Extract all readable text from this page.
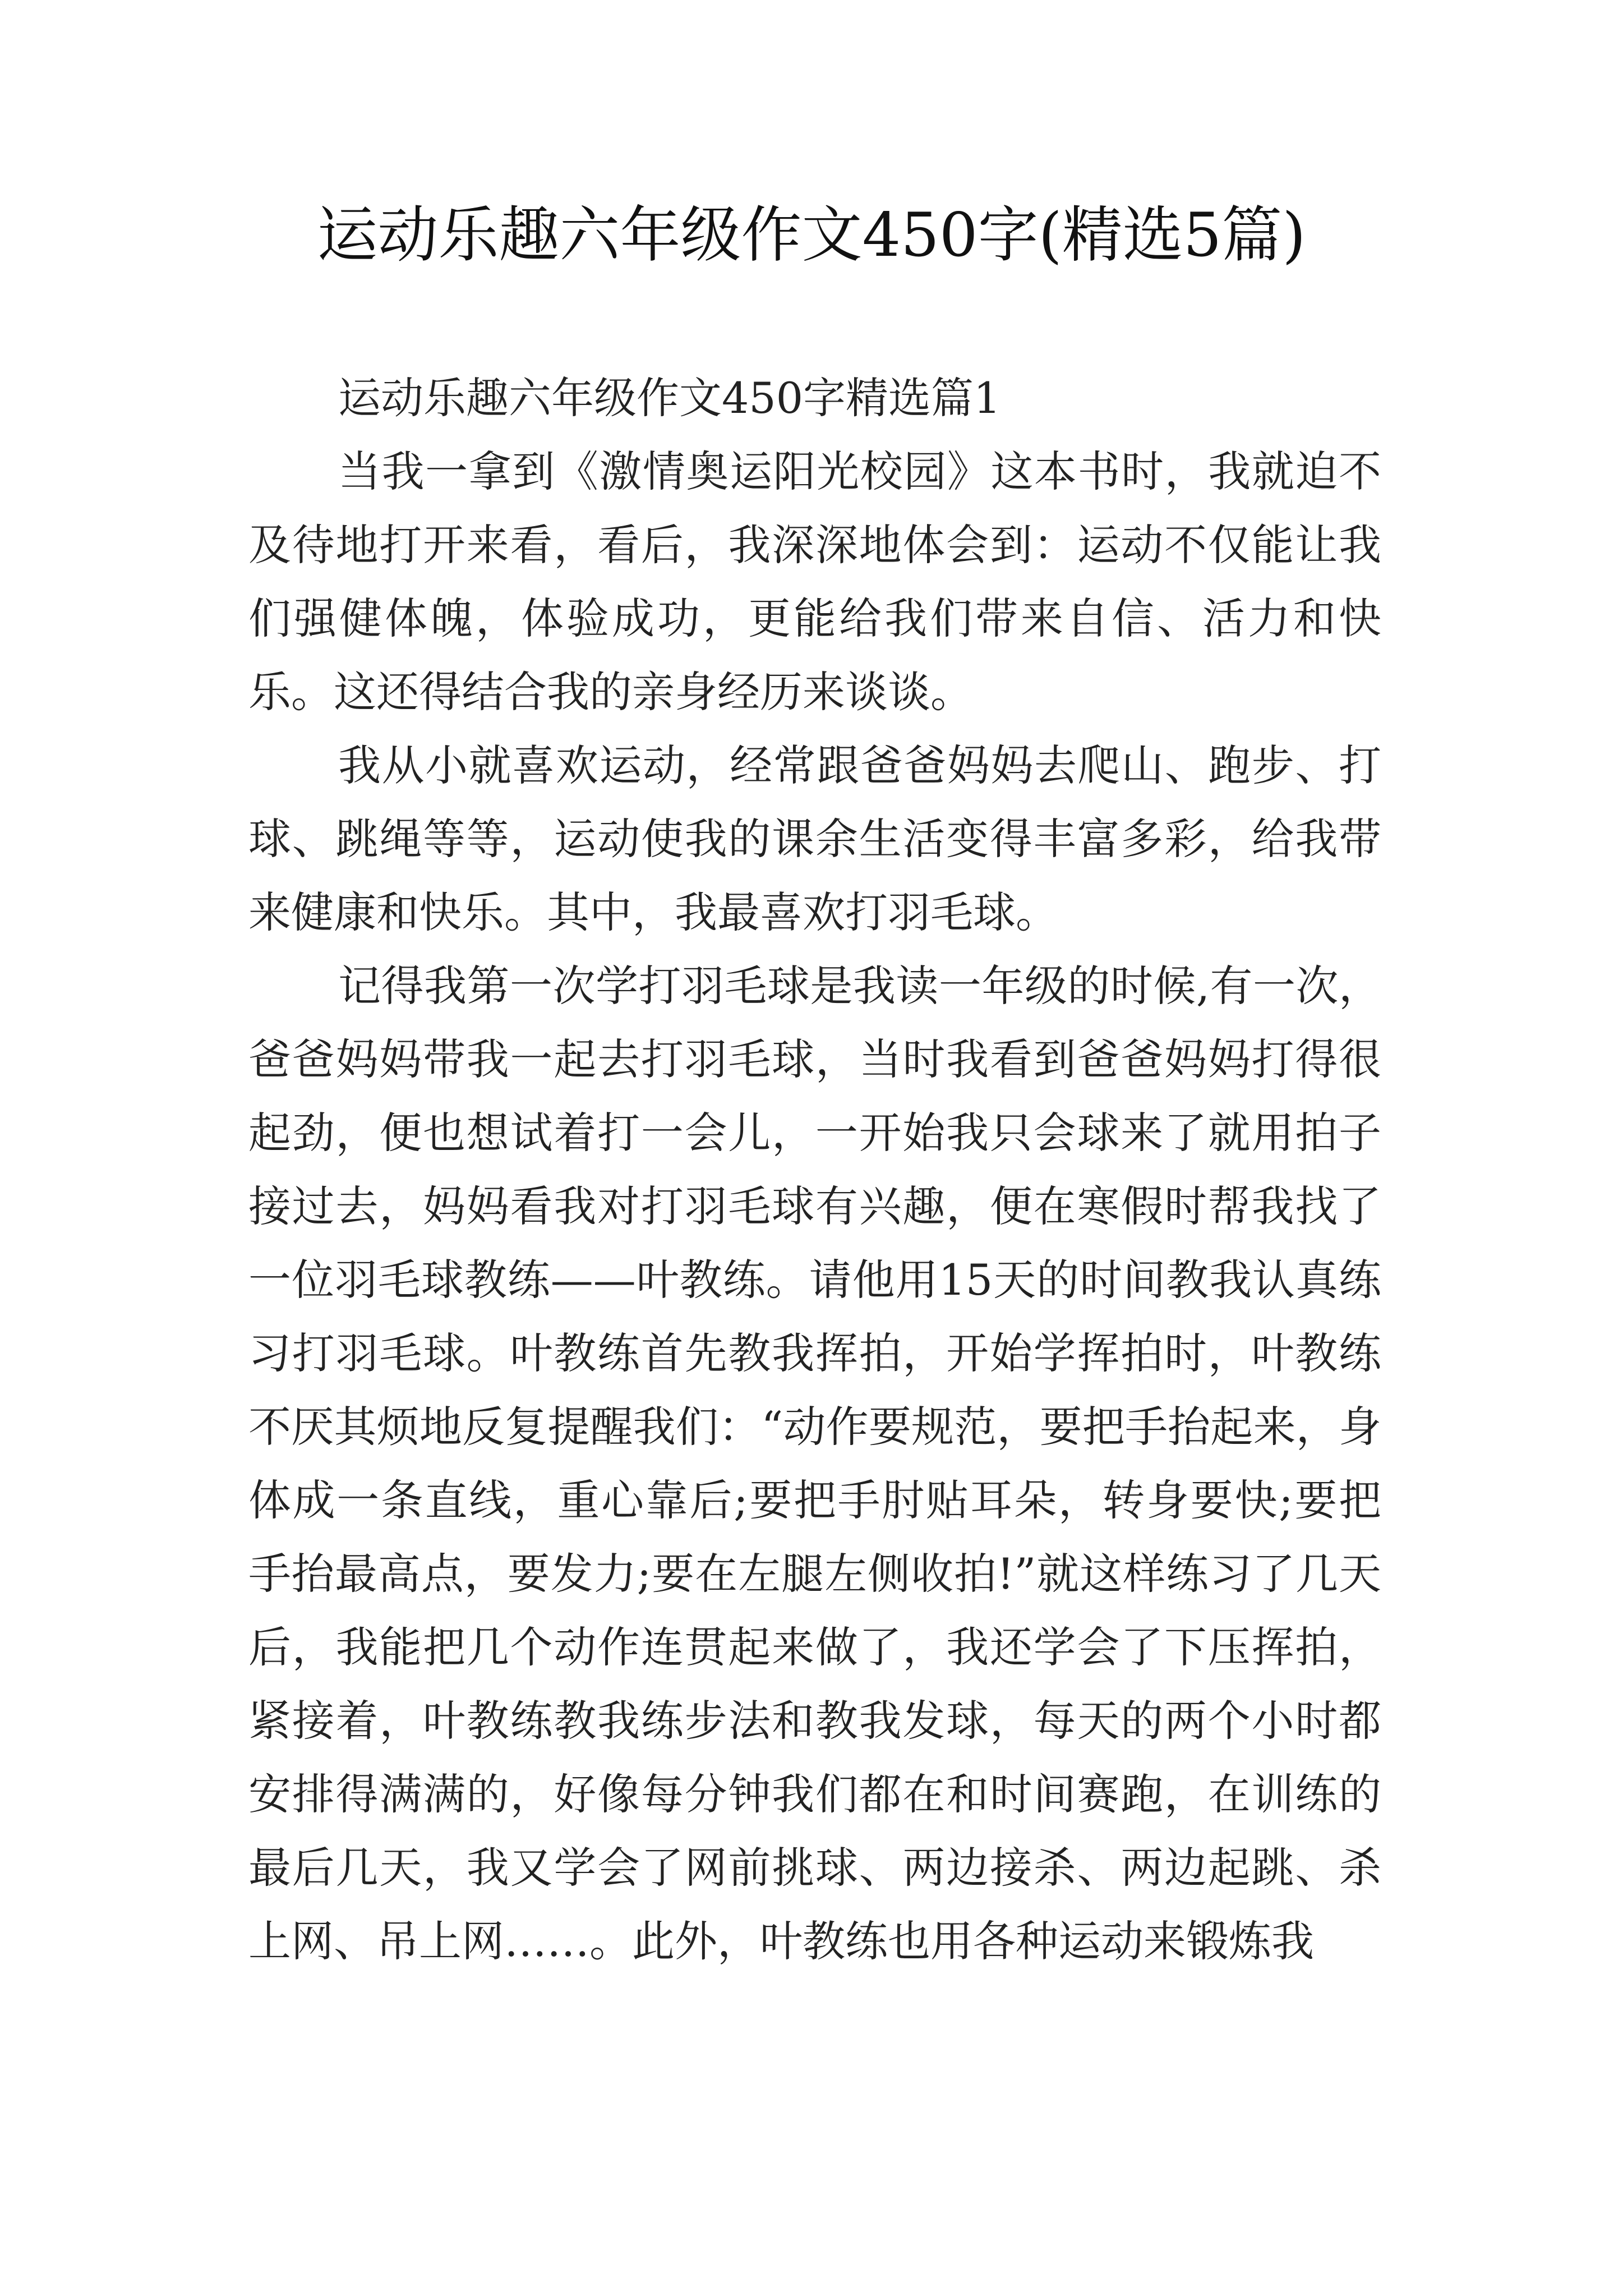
运动乐趣六年级作文450字(精选5篇)

运动乐趣六年级作文450字精选篇1

当我一拿到《激情奥运阳光校园》这本书时，我就迫不及待地打开来看，看后，我深深地体会到：运动不仅能让我们强健体魄，体验成功，更能给我们带来自信、活力和快乐。这还得结合我的亲身经历来谈谈。

我从小就喜欢运动，经常跟爸爸妈妈去爬山、跑步、打球、跳绳等等，运动使我的课余生活变得丰富多彩，给我带来健康和快乐。其中，我最喜欢打羽毛球。

记得我第一次学打羽毛球是我读一年级的时候,有一次，爸爸妈妈带我一起去打羽毛球，当时我看到爸爸妈妈打得很起劲，便也想试着打一会儿，一开始我只会球来了就用拍子接过去，妈妈看我对打羽毛球有兴趣，便在寒假时帮我找了一位羽毛球教练——叶教练。请他用15天的时间教我认真练习打羽毛球。叶教练首先教我挥拍，开始学挥拍时，叶教练不厌其烦地反复提醒我们：“动作要规范，要把手抬起来，身体成一条直线，重心靠后;要把手肘贴耳朵，转身要快;要把手抬最高点，要发力;要在左腿左侧收拍!”就这样练习了几天后，我能把几个动作连贯起来做了，我还学会了下压挥拍，紧接着，叶教练教我练步法和教我发球，每天的两个小时都安排得满满的，好像每分钟我们都在和时间赛跑，在训练的最后几天，我又学会了网前挑球、两边接杀、两边起跳、杀上网、吊上网……。此外，叶教练也用各种运动来锻炼我
